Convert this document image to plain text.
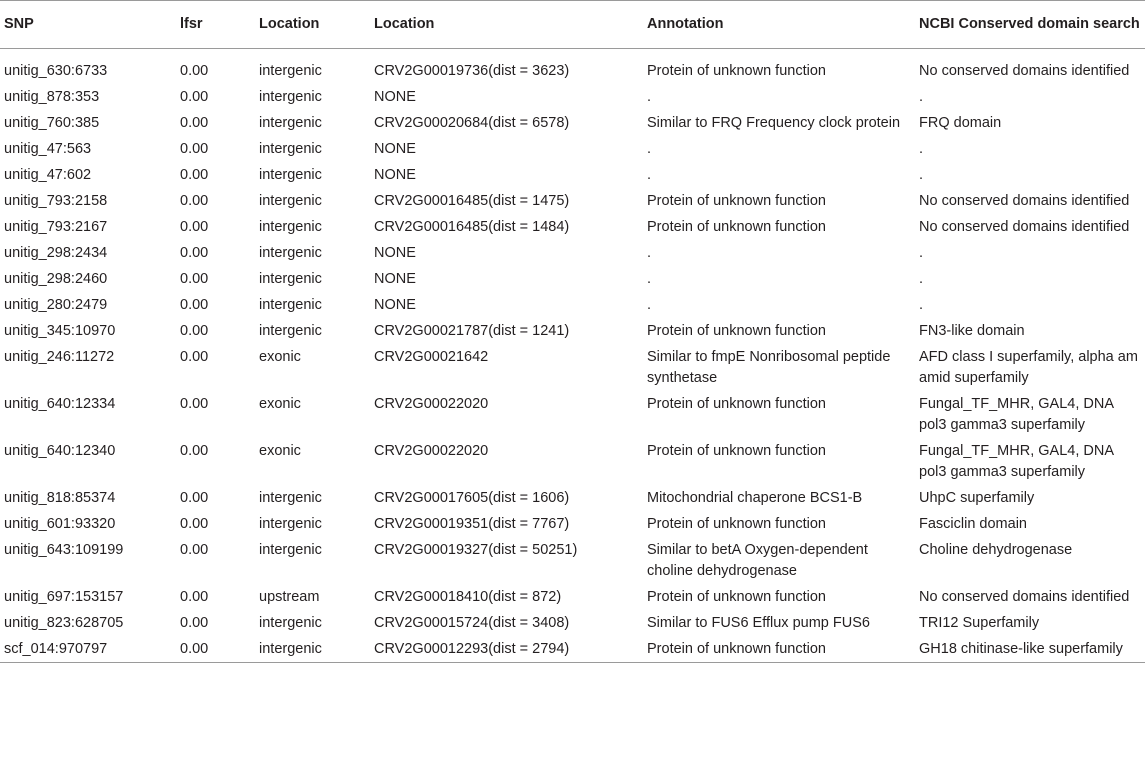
SNP	lfsr	Location	Location	Annotation	NCBI Conserved domain search
unitig_630:6733	0.00	intergenic	CRV2G00019736(dist = 3623)	Protein of unknown function	No conserved domains identified
unitig_878:353	0.00	intergenic	NONE	.	.
unitig_760:385	0.00	intergenic	CRV2G00020684(dist = 6578)	Similar to FRQ Frequency clock protein	FRQ domain
unitig_47:563	0.00	intergenic	NONE	.	.
unitig_47:602	0.00	intergenic	NONE	.	.
unitig_793:2158	0.00	intergenic	CRV2G00016485(dist = 1475)	Protein of unknown function	No conserved domains identified
unitig_793:2167	0.00	intergenic	CRV2G00016485(dist = 1484)	Protein of unknown function	No conserved domains identified
unitig_298:2434	0.00	intergenic	NONE	.	.
unitig_298:2460	0.00	intergenic	NONE	.	.
unitig_280:2479	0.00	intergenic	NONE	.	.
unitig_345:10970	0.00	intergenic	CRV2G00021787(dist = 1241)	Protein of unknown function	FN3-like domain
unitig_246:11272	0.00	exonic	CRV2G00021642	Similar to fmpE Nonribosomal peptide synthetase	AFD class I superfamily, alpha am amid superfamily
unitig_640:12334	0.00	exonic	CRV2G00022020	Protein of unknown function	Fungal_TF_MHR, GAL4, DNA pol3 gamma3 superfamily
unitig_640:12340	0.00	exonic	CRV2G00022020	Protein of unknown function	Fungal_TF_MHR, GAL4, DNA pol3 gamma3 superfamily
unitig_818:85374	0.00	intergenic	CRV2G00017605(dist = 1606)	Mitochondrial chaperone BCS1-B	UhpC superfamily
unitig_601:93320	0.00	intergenic	CRV2G00019351(dist = 7767)	Protein of unknown function	Fasciclin domain
unitig_643:109199	0.00	intergenic	CRV2G00019327(dist = 50251)	Similar to betA Oxygen-dependent choline dehydrogenase	Choline dehydrogenase
unitig_697:153157	0.00	upstream	CRV2G00018410(dist = 872)	Protein of unknown function	No conserved domains identified
unitig_823:628705	0.00	intergenic	CRV2G00015724(dist = 3408)	Similar to FUS6 Efflux pump FUS6	TRI12 Superfamily
scf_014:970797	0.00	intergenic	CRV2G00012293(dist = 2794)	Protein of unknown function	GH18 chitinase-like superfamily
